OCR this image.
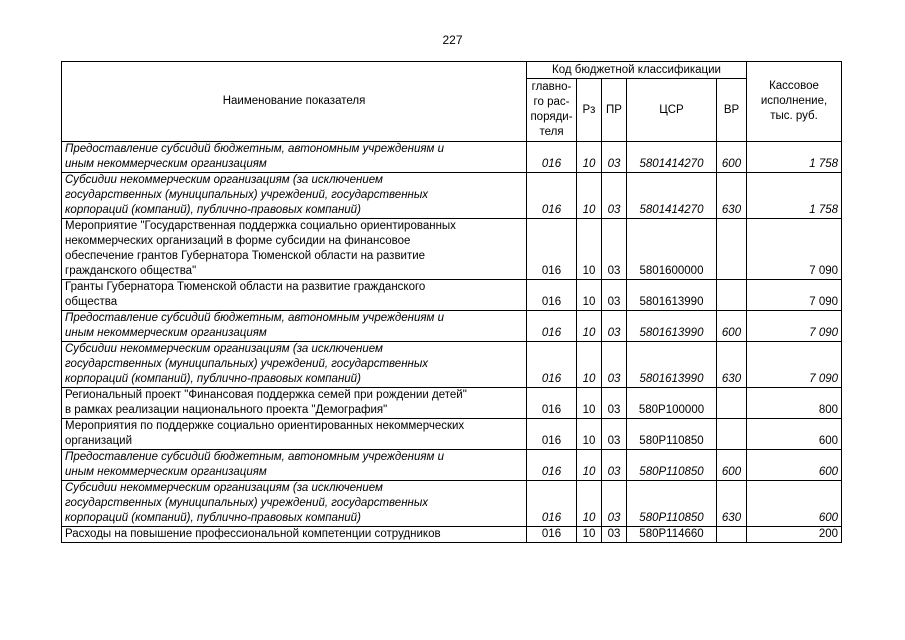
227
Наименование показателя	Код бюджетной классификации					Кассовое
исполнение,
тыс. руб.
	главно-
го рас-
поряди-
теля	Рз	ПР	ЦСР	ВР	

Предоставление субсидий бюджетным, автономным учреждениям и
иным некоммерческим организациям	016	10	03	5801414270	600	1 758

Субсидии некоммерческим организациям (за исключением
государственных (муниципальных) учреждений, государственных
корпораций (компаний), публично-правовых компаний)	016	10	03	5801414270	630	1 758

Мероприятие "Государственная поддержка социально ориентированных
некоммерческих организаций в форме субсидии на финансовое
обеспечение грантов Губернатора Тюменской области на развитие
гражданского общества"	016	10	03	5801600000		7 090

Гранты Губернатора Тюменской области на развитие гражданского
общества	016	10	03	5801613990		7 090

Предоставление субсидий бюджетным, автономным учреждениям и
иным некоммерческим организациям	016	10	03	5801613990	600	7 090

Субсидии некоммерческим организациям (за исключением
государственных (муниципальных) учреждений, государственных
корпораций (компаний), публично-правовых компаний)	016	10	03	5801613990	630	7 090

Региональный проект "Финансовая поддержка семей при рождении детей"
в рамках реализации национального проекта "Демография"	016	10	03	580P100000		800

Мероприятия по поддержке социально ориентированных некоммерческих
организаций	016	10	03	580P110850		600

Предоставление субсидий бюджетным, автономным учреждениям и
иным некоммерческим организациям	016	10	03	580P110850	600	600

Субсидии некоммерческим организациям (за исключением
государственных (муниципальных) учреждений, государственных
корпораций (компаний), публично-правовых компаний)	016	10	03	580P110850	630	600

Расходы на повышение профессиональной компетенции сотрудников	016	10	03	580P114660		200
